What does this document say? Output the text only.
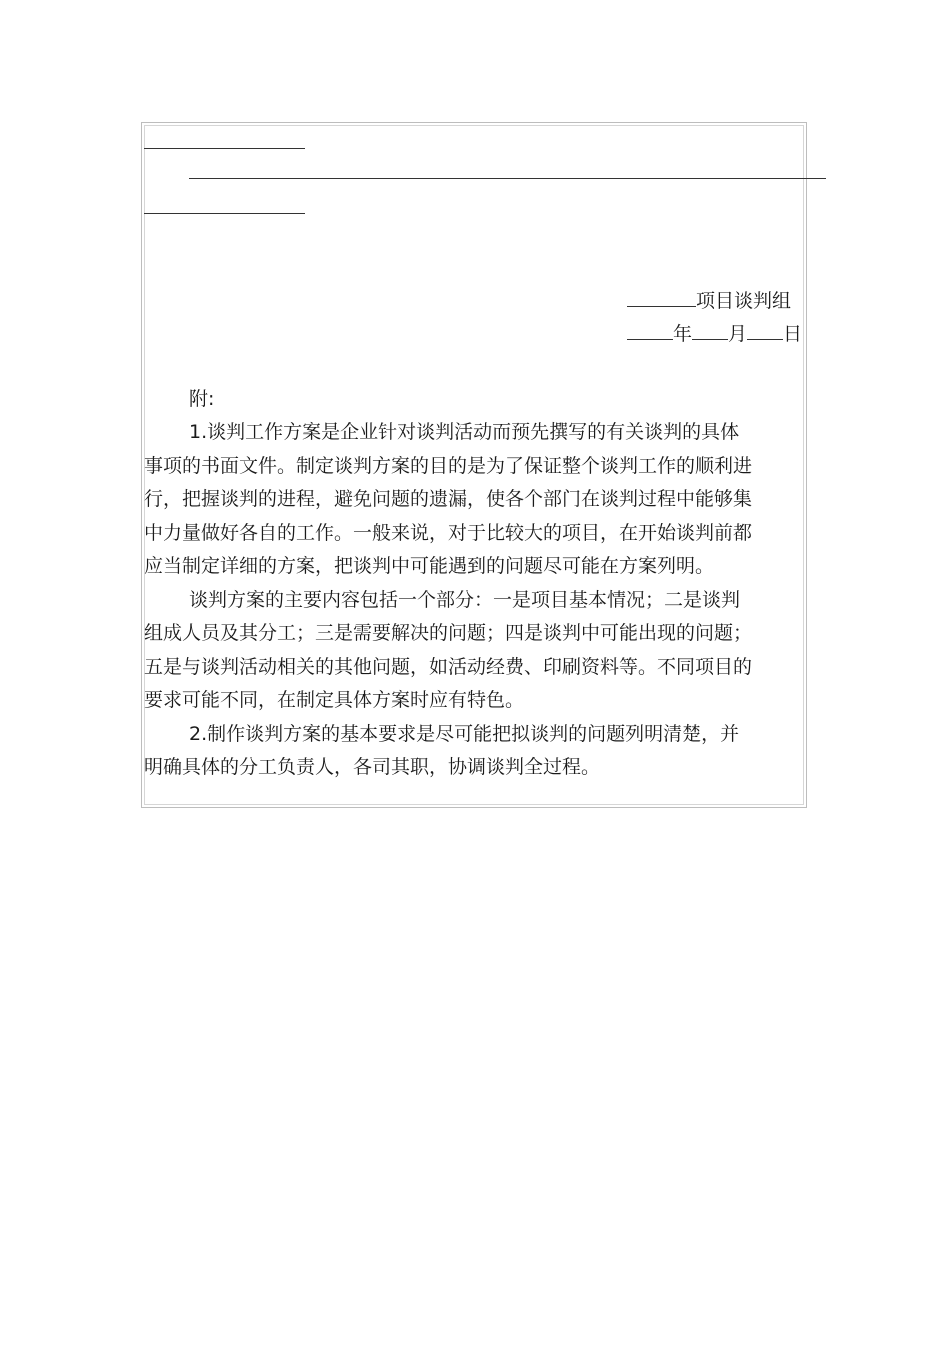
项目谈判组
年 月 日
附:

1.谈判工作方案是企业针对谈判活动而预先撰写的有关谈判的具体事项的书面文件。制定谈判方案的目的是为了保证整个谈判工作的顺利进行，把握谈判的进程，避免问题的遗漏，使各个部门在谈判过程中能够集中力量做好各自的工作。一般来说，对于比较大的项目，在开始谈判前都应当制定详细的方案，把谈判中可能遇到的问题尽可能在方案列明。

谈判方案的主要内容包括一个部分：一是项目基本情况；二是谈判组成人员及其分工；三是需要解决的问题；四是谈判中可能出现的问题；五是与谈判活动相关的其他问题，如活动经费、印刷资料等。不同项目的要求可能不同，在制定具体方案时应有特色。

2.制作谈判方案的基本要求是尽可能把拟谈判的问题列明清楚，并明确具体的分工负责人，各司其职，协调谈判全过程。
